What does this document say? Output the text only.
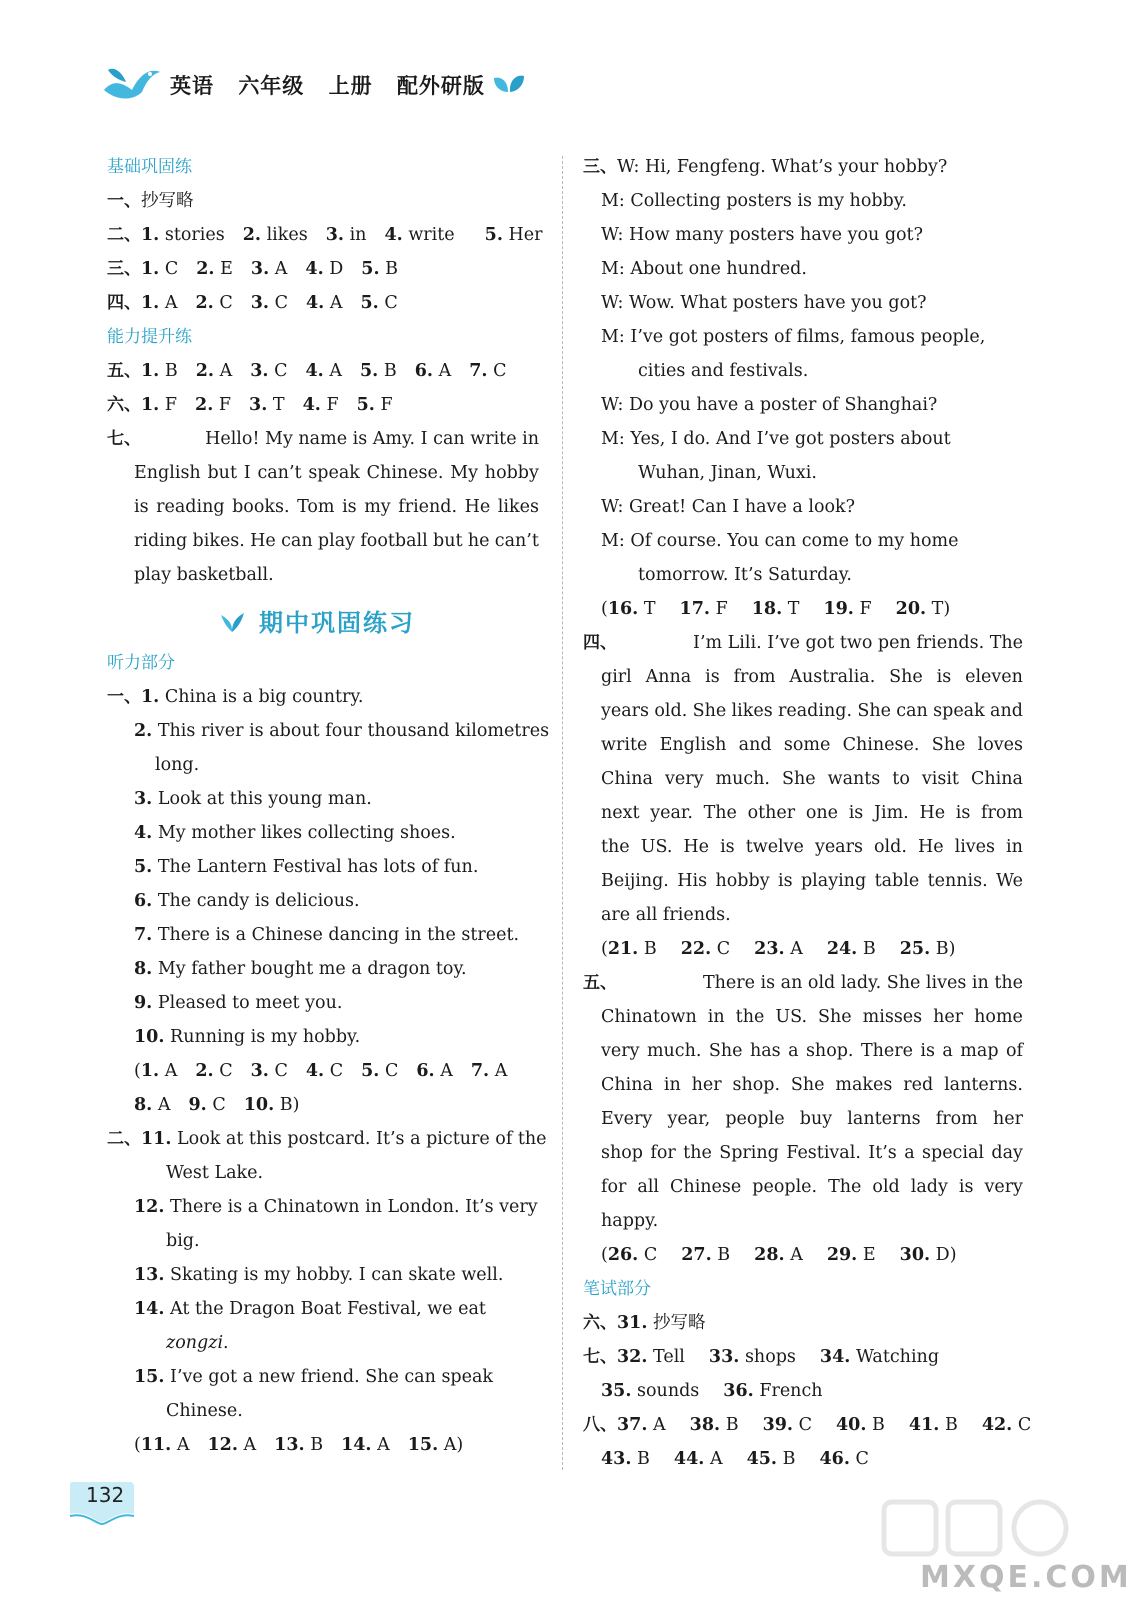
英语 六年级 上册 配外研版
基础巩固练
一、抄写略
二、1. stories 2. likes 3. in 4. write 5. Her
三、1. C 2. E 3. A 4. D 5. B
四、1. A 2. C 3. C 4. A 5. C
能力提升练
五、1. B 2. A 3. C 4. A 5. B 6. A 7. C
六、1. F 2. F 3. T 4. F 5. F
七、	Hello! My name is Amy. I can write in
English but I can’t speak Chinese. My hobby
is reading books. Tom is my friend. He likes
riding bikes. He can play football but he can’t
play basketball.
期中巩固练习
听力部分
一、1. China is a big country.
2. This river is about four thousand kilometres
long.
3. Look at this young man.
4. My mother likes collecting shoes.
5. The Lantern Festival has lots of fun.
6. The candy is delicious.
7. There is a Chinese dancing in the street.
8. My father bought me a dragon toy.
9. Pleased to meet you.
10. Running is my hobby.
(1. A 2. C 3. C 4. C 5. C 6. A 7. A
8. A 9. C 10. B)
二、11. Look at this postcard. It’s a picture of the
West Lake.
12. There is a Chinatown in London. It’s very
big.
13. Skating is my hobby. I can skate well.
14. At the Dragon Boat Festival, we eat
zongzi.
15. I’ve got a new friend. She can speak
Chinese.
(11. A 12. A 13. B 14. A 15. A)
三、W: Hi, Fengfeng. What’s your hobby?
M: Collecting posters is my hobby.
W: How many posters have you got?
M: About one hundred.
W: Wow. What posters have you got?
M: I’ve got posters of films, famous people,
cities and festivals.
W: Do you have a poster of Shanghai?
M: Yes, I do. And I’ve got posters about
Wuhan, Jinan, Wuxi.
W: Great! Can I have a look?
M: Of course. You can come to my home
tomorrow. It’s Saturday.
(16. T 17. F 18. T 19. F 20. T)
四、	I’m Lili. I’ve got two pen friends. The
girl Anna is from Australia. She is eleven
years old. She likes reading. She can speak and
write English and some Chinese. She loves
China very much. She wants to visit China
next year. The other one is Jim. He is from
the US. He is twelve years old. He lives in
Beijing. His hobby is playing table tennis. We
are all friends.
(21. B 22. C 23. A 24. B 25. B)
五、	There is an old lady. She lives in the
Chinatown in the US. She misses her home
very much. She has a shop. There is a map of
China in her shop. She makes red lanterns.
Every year, people buy lanterns from her
shop for the Spring Festival. It’s a special day
for all Chinese people. The old lady is very
happy.
(26. C 27. B 28. A 29. E 30. D)
笔试部分
六、31. 抄写略
七、32. Tell 33. shops 34. Watching
35. sounds 36. French
八、37. A 38. B 39. C 40. B 41. B 42. C
43. B 44. A 45. B 46. C
132
MXQE.COM
